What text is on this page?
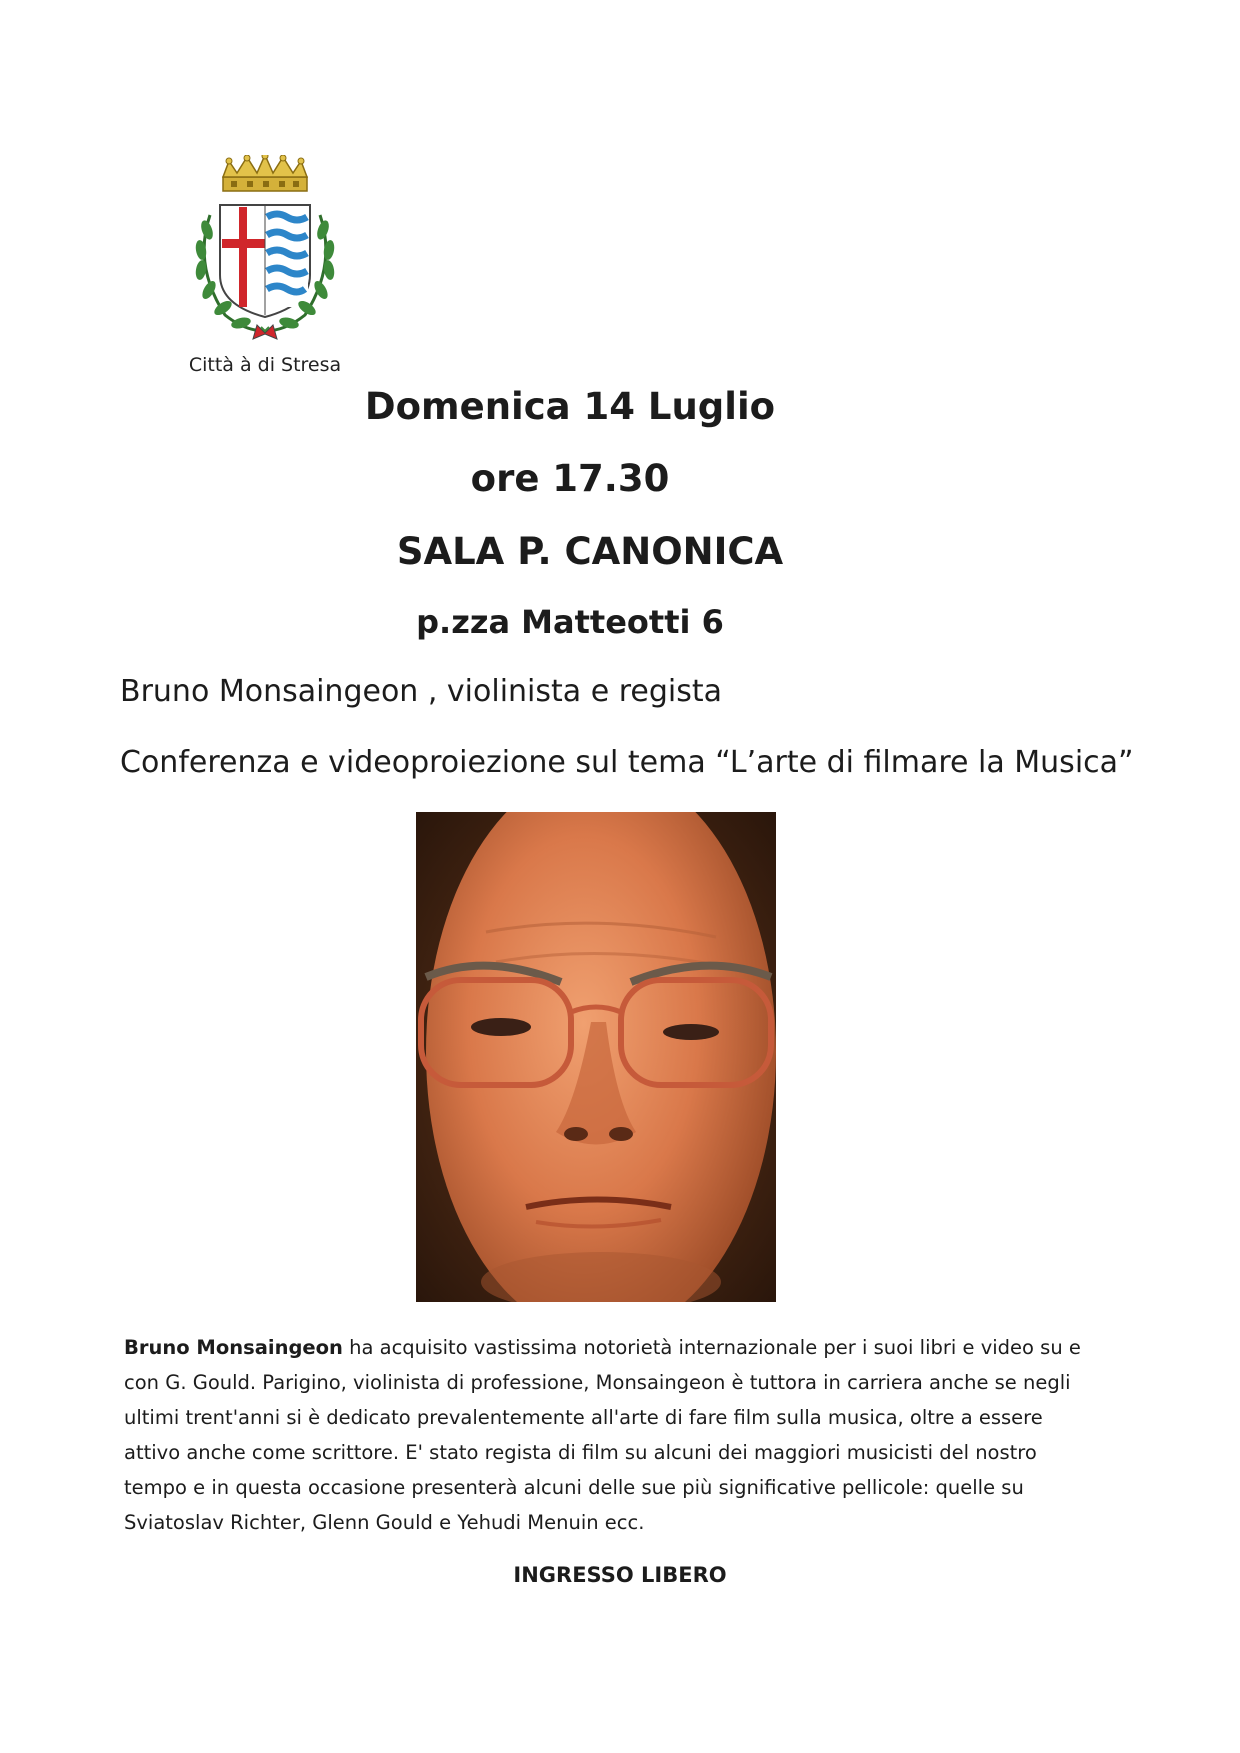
Città à di Stresa
Domenica 14 Luglio
ore 17.30
SALA P. CANONICA
p.zza Matteotti 6
Bruno Monsaingeon , violinista e regista
Conferenza e videoproiezione sul tema “L’arte di filmare la Musica”
Bruno Monsaingeon ha acquisito vastissima notorietà internazionale per i suoi libri e video su e
con G. Gould. Parigino, violinista di professione, Monsaingeon è tuttora in carriera anche se negli
ultimi trent'anni si è dedicato prevalentemente all'arte di fare film sulla musica, oltre a essere
attivo anche come scrittore. E' stato regista di film su alcuni dei maggiori musicisti del nostro
tempo e in questa occasione presenterà alcuni delle sue più significative pellicole: quelle su
Sviatoslav Richter, Glenn Gould e Yehudi Menuin ecc.
INGRESSO LIBERO
